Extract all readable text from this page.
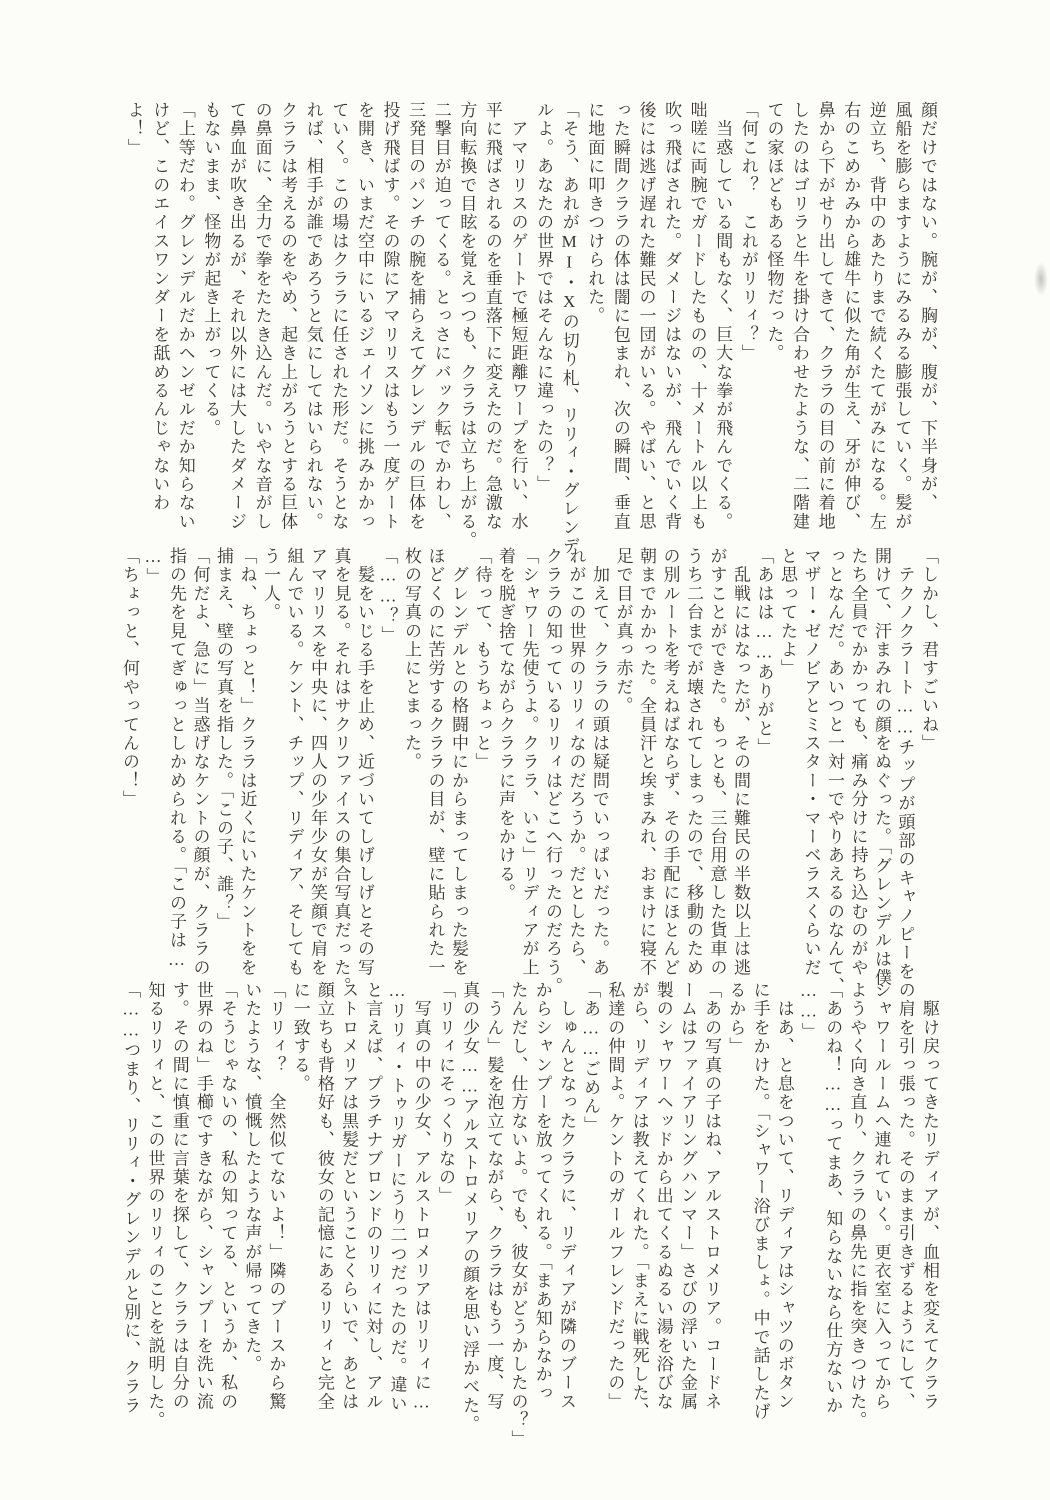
顔だけではない。腕が、胸が、腹が、下半身が、
風船を膨らますようにみるみる膨張していく。髪が
逆立ち、背中のあたりまで続くたてがみになる。左
右のこめかみから雄牛に似た角が生え、牙が伸び、
鼻から下がせり出してきて、クララの目の前に着地
したのはゴリラと牛を掛け合わせたような、二階建
ての家ほどもある怪物だった。
「何これ？　これがリリィ？」
　当惑している間もなく、巨大な拳が飛んでくる。
咄嗟に両腕でガードしたものの、十メートル以上も
吹っ飛ばされた。ダメージはないが、飛んでいく背
後には逃げ遅れた難民の一団がいる。やばい、と思
った瞬間クララの体は闇に包まれ、次の瞬間、垂直
に地面に叩きつけられた。
「そう、あれがMI・Xの切り札、リリィ・グレンデ
ルよ。あなたの世界ではそんなに違ったの？」
　アマリリスのゲートで極短距離ワープを行い、水
平に飛ばされるのを垂直落下に変えたのだ。急激な
方向転換で目眩を覚えつつも、クララは立ち上がる。
二撃目が迫ってくる。とっさにバック転でかわし、
三発目のパンチの腕を捕らえてグレンデルの巨体を
投げ飛ばす。その隙にアマリリスはもう一度ゲート
を開き、いまだ空中にいるジェイソンに挑みかかっ
ていく。この場はクララに任された形だ。そうとな
れば、相手が誰であろうと気にしてはいられない。
クララは考えるのをやめ、起き上がろうとする巨体
の鼻面に、全力で拳をたたき込んだ。いやな音がし
て鼻血が吹き出るが、それ以外には大したダメージ
もないまま、怪物が起き上がってくる。
「上等だわ。グレンデルだかヘンゼルだか知らない
けど、このエイスワンダーを舐めるんじゃないわ
よ！」
「しかし、君すごいね」
　テクノクラート……チップが頭部のキャノピーを
開けて、汗まみれの顔をぬぐった。「グレンデルは僕
たち全員でかかっても、痛み分けに持ち込むのがや
っとなんだ。あいつと一対一でやりあえるのなんて、
マザー・ゼノビアとミスター・マーベラスくらいだ
と思ってたよ」
「あはは……ありがと」
　乱戦にはなったが、その間に難民の半数以上は逃
がすことができた。もっとも、三台用意した貨車の
うち二台までが壊されてしまったので、移動のため
の別ルートを考えねばならず、その手配にほとんど
朝までかかった。全員汗と埃まみれ、おまけに寝不
足で目が真っ赤だ。
　加えて、クララの頭は疑問でいっぱいだった。あ
れがこの世界のリリィなのだろうか。だとしたら、
クララの知っているリリィはどこへ行ったのだろう。
「シャワー先使うよ。クララ、いこ」リディアが上
着を脱ぎ捨てながらクララに声をかける。
「待って、もうちょっと」
　グレンデルとの格闘中にからまってしまった髪を
ほどくのに苦労するクララの目が、壁に貼られた一
枚の写真の上にとまった。
「……？」
　髪をいじる手を止め、近づいてしげしげとその写
真を見る。それはサクリファイスの集合写真だった。
アマリリスを中央に、四人の少年少女が笑顔で肩を
組んでいる。ケント、チップ、リディア、そしても
う一人。
「ね、ちょっと！」クララは近くにいたケントをを
捕まえ、壁の写真を指した。「この子、誰？」
「何だよ、急に」当惑げなケントの顔が、クララの
指の先を見てぎゅっとしかめられる。「この子は…
…」
「ちょっと、何やってんの！」
　駆け戻ってきたリディアが、血相を変えてクララ
の肩を引っ張った。そのまま引きずるようにして、
シャワールームへ連れていく。更衣室に入ってから
ようやく向き直り、クララの鼻先に指を突きつけた。
「あのね！……ってまあ、知らないなら仕方ないか
……」
　はあ、と息をついて、リディアはシャツのボタン
に手をかけた。「シャワー浴びましょ。中で話したげ
るから」
「あの写真の子はね、アルストロメリア。コードネ
ームはファイアリングハンマー」さびの浮いた金属
製のシャワーヘッドから出てくるぬるい湯を浴びな
がら、リディアは教えてくれた。「まえに戦死した、
私達の仲間よ。ケントのガールフレンドだったの」
「あ……ごめん」
　しゅんとなったクララに、リディアが隣のブース
からシャンプーを放ってくれる。「まあ知らなかっ
たんだし、仕方ないよ。でも、彼女がどうかしたの？」
「うん」髪を泡立てながら、クララはもう一度、写
真の少女……アルストロメリアの顔を思い浮かべた。
「リリィにそっくりなの」
　写真の中の少女、アルストロメリアはリリィに…
…リリィ・トゥリガーにうり二つだったのだ。違い
と言えば、プラチナブロンドのリリィに対し、アル
ストロメリアは黒髪だということくらいで、あとは
顔立ちも背格好も、彼女の記憶にあるリリィと完全
に一致する。
「リリィ？　全然似てないよ！」隣のブースから驚
いたような、憤慨したような声が帰ってきた。
「そうじゃないの、私の知ってる、というか、私の
世界のね」手櫛ですきながら、シャンプーを洗い流
す。その間に慎重に言葉を探して、クララは自分の
知るリリィと、この世界のリリィのことを説明した。
「……つまり、リリィ・グレンデルと別に、クララ
